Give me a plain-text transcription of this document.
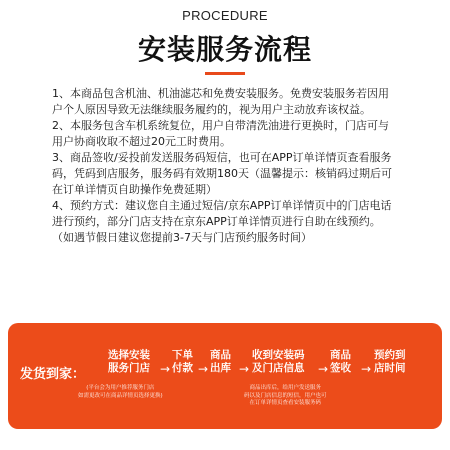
PROCEDURE
安装服务流程

1、本商品包含机油、机油滤芯和免费安装服务。免费安装服务若因用户个人原因导致无法继续服务履约的，视为用户主动放弃该权益。

2、本服务包含车机系统复位，用户自带清洗油进行更换时，门店可与用户协商收取不超过20元工时费用。

3、商品签收/妥投前发送服务码短信，也可在APP订单详情页查看服务码，凭码到店服务，服务码有效期180天（温馨提示：核销码过期后可在订单详情页自助操作免费延期）

4、预约方式：建议您自主通过短信/京东APP订单详情页中的门店电话进行预约，部分门店支持在京东APP订单详情页进行自助在线预约。（如遇节假日建议您提前3-7天与门店预约服务时间）

发货到家：
选择安装
服务门店 →
下单
付款 →
商品
出库 →
收到安装码
及门店信息 →
商品
签收 →
预约到
店时间
(平台会为用户推荐服务门店
如需更改可在商品详情页选择更换)
商品出库后，给用户发送服务
码以及门店信息的短信，用户也可
在订单详情页查看安装服务码
